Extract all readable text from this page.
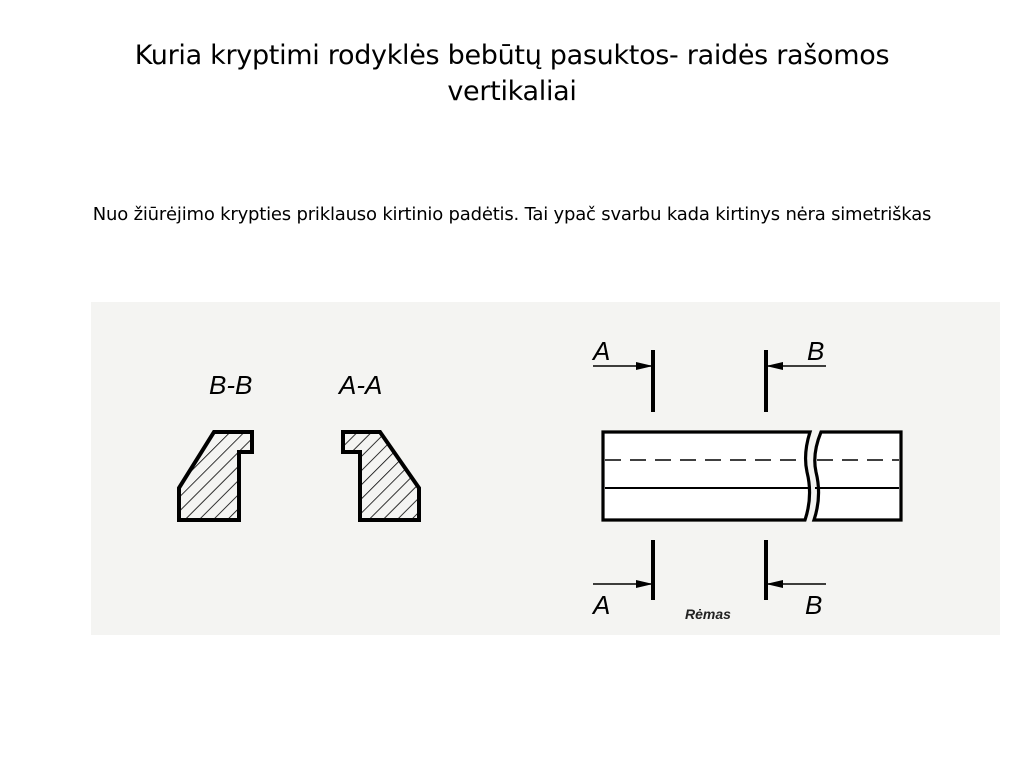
Kuria kryptimi rodyklės bebūtų pasuktos- raidės rašomos vertikaliai
Nuo žiūrėjimo krypties priklauso kirtinio padėtis. Tai ypač svarbu kada kirtinys nėra simetriškas
B-B	A-A
A	B
A	B
Rėmas
